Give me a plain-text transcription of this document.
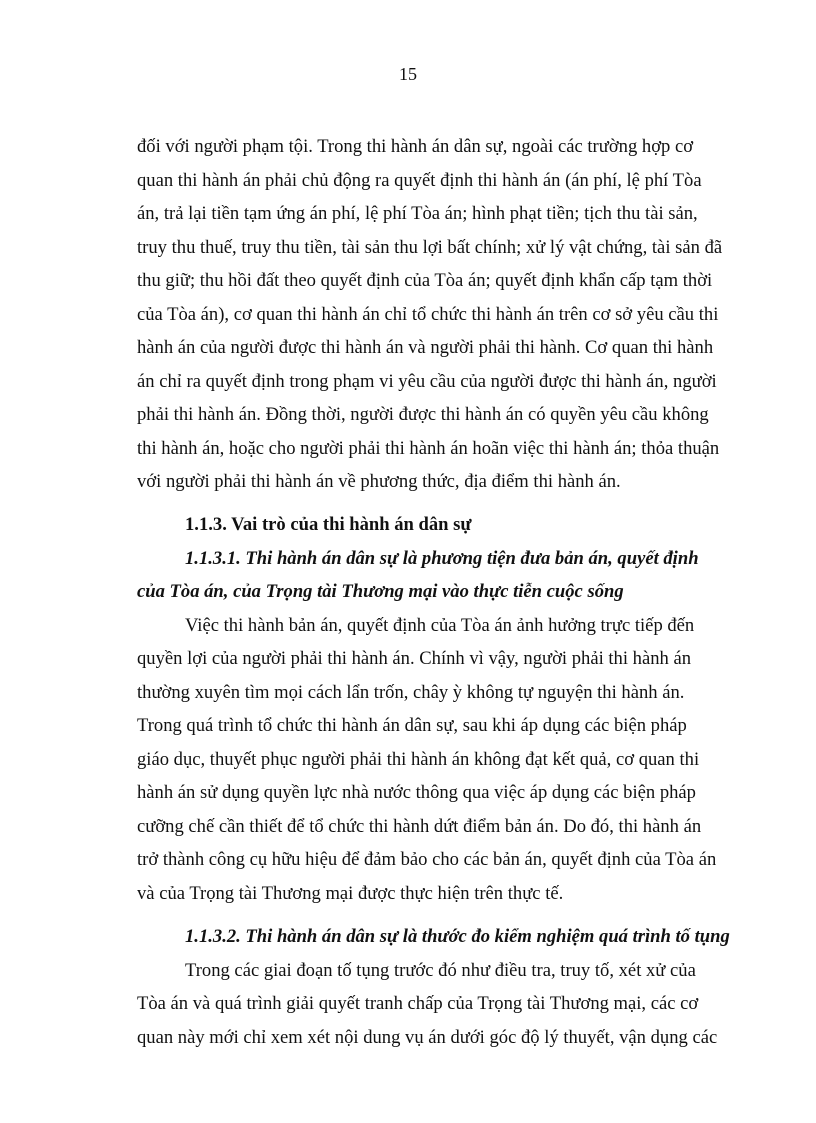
15
đối với người phạm tội. Trong thi hành án dân sự, ngoài các trường hợp cơ
quan thi hành án phải chủ động ra quyết định thi hành án (án phí, lệ phí Tòa
án, trả lại tiền tạm ứng án phí, lệ phí Tòa án; hình phạt tiền; tịch thu tài sản,
truy thu thuế, truy thu tiền, tài sản thu lợi bất chính; xử lý vật chứng, tài sản đã
thu giữ; thu hồi đất theo quyết định của Tòa án; quyết định khẩn cấp tạm thời
của Tòa án), cơ quan thi hành án chỉ tổ chức thi hành án trên cơ sở yêu cầu thi
hành án của người được thi hành án và người phải thi hành. Cơ quan thi hành
án chỉ ra quyết định trong phạm vi yêu cầu của người được thi hành án, người
phải thi hành án. Đồng thời, người được thi hành án có quyền yêu cầu không
thi hành án, hoặc cho người phải thi hành án hoãn việc thi hành án; thỏa thuận
với người phải thi hành án về phương thức, địa điểm thi hành án.
1.1.3. Vai trò của thi hành án dân sự
1.1.3.1. Thi hành án dân sự là phương tiện đưa bản án, quyết định
của Tòa án, của Trọng tài Thương mại vào thực tiễn cuộc sống
Việc thi hành bản án, quyết định của Tòa án ảnh hưởng trực tiếp đến
quyền lợi của người phải thi hành án. Chính vì vậy, người phải thi hành án
thường xuyên tìm mọi cách lẩn trốn, chây ỳ không tự nguyện thi hành án.
Trong quá trình tổ chức thi hành án dân sự, sau khi áp dụng các biện pháp
giáo dục, thuyết phục người phải thi hành án không đạt kết quả, cơ quan thi
hành án sử dụng quyền lực nhà nước thông qua việc áp dụng các biện pháp
cưỡng chế cần thiết để tổ chức thi hành dứt điểm bản án. Do đó, thi hành án
trở thành công cụ hữu hiệu để đảm bảo cho các bản án, quyết định của Tòa án
và của Trọng tài Thương mại được thực hiện trên thực tế.
1.1.3.2. Thi hành án dân sự là thước đo kiểm nghiệm quá trình tố tụng
Trong các giai đoạn tố tụng trước đó như điều tra, truy tố, xét xử của
Tòa án và quá trình giải quyết tranh chấp của Trọng tài Thương mại, các cơ
quan này mới chỉ xem xét nội dung vụ án dưới góc độ lý thuyết, vận dụng các
